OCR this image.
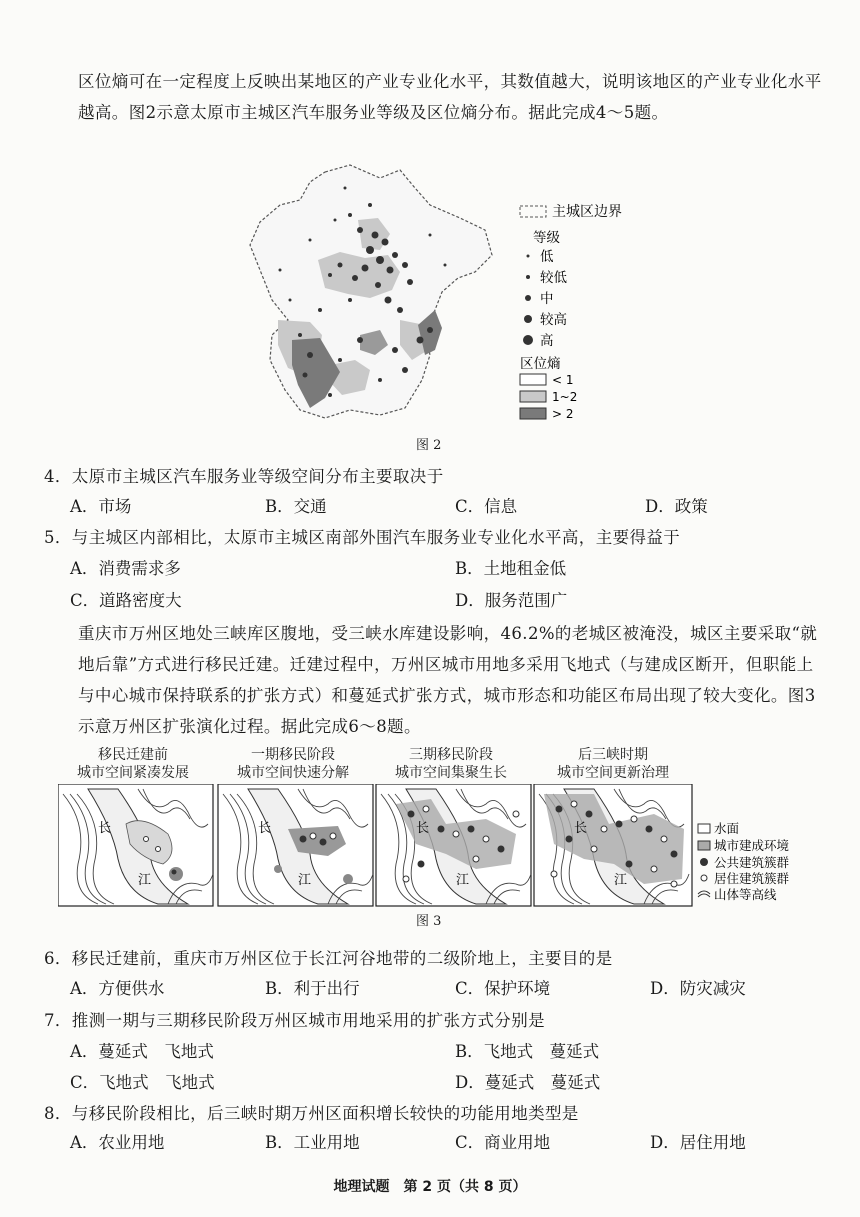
区位熵可在一定程度上反映出某地区的产业专业化水平，其数值越大，说明该地区的产业专业化水平越高。图2示意太原市主城区汽车服务业等级及区位熵分布。据此完成4～5题。
主城区边界
等级
低
较低
中
较高
高
区位熵
< 1
1~2
> 2
图 2
4．太原市主城区汽车服务业等级空间分布主要取决于
A．市场	B．交通	C．信息	D．政策
5．与主城区内部相比，太原市主城区南部外围汽车服务业专业化水平高，主要得益于
A．消费需求多	B．土地租金低
C．道路密度大	D．服务范围广
重庆市万州区地处三峡库区腹地，受三峡水库建设影响，46.2%的老城区被淹没，城区主要采取“就地后靠”方式进行移民迁建。迁建过程中，万州区城市用地多采用飞地式（与建成区断开，但职能上与中心城市保持联系的扩张方式）和蔓延式扩张方式，城市形态和功能区布局出现了较大变化。图3示意万州区扩张演化过程。据此完成6～8题。
移民迁建前
城市空间紧凑发展
一期移民阶段
城市空间快速分解
三期移民阶段
城市空间集聚生长
后三峡时期
城市空间更新治理
长
江
长
江
长
江
长
江
水面
城市建成环境
公共建筑簇群
居住建筑簇群
山体等高线
图 3
6．移民迁建前，重庆市万州区位于长江河谷地带的二级阶地上，主要目的是
A．方便供水	B．利于出行	C．保护环境	D．防灾减灾
7．推测一期与三期移民阶段万州区城市用地采用的扩张方式分别是
A．蔓延式　飞地式	B．飞地式　蔓延式
C．飞地式　飞地式	D．蔓延式　蔓延式
8．与移民阶段相比，后三峡时期万州区面积增长较快的功能用地类型是
A．农业用地	B．工业用地	C．商业用地	D．居住用地
地理试题　第 2 页（共 8 页）
